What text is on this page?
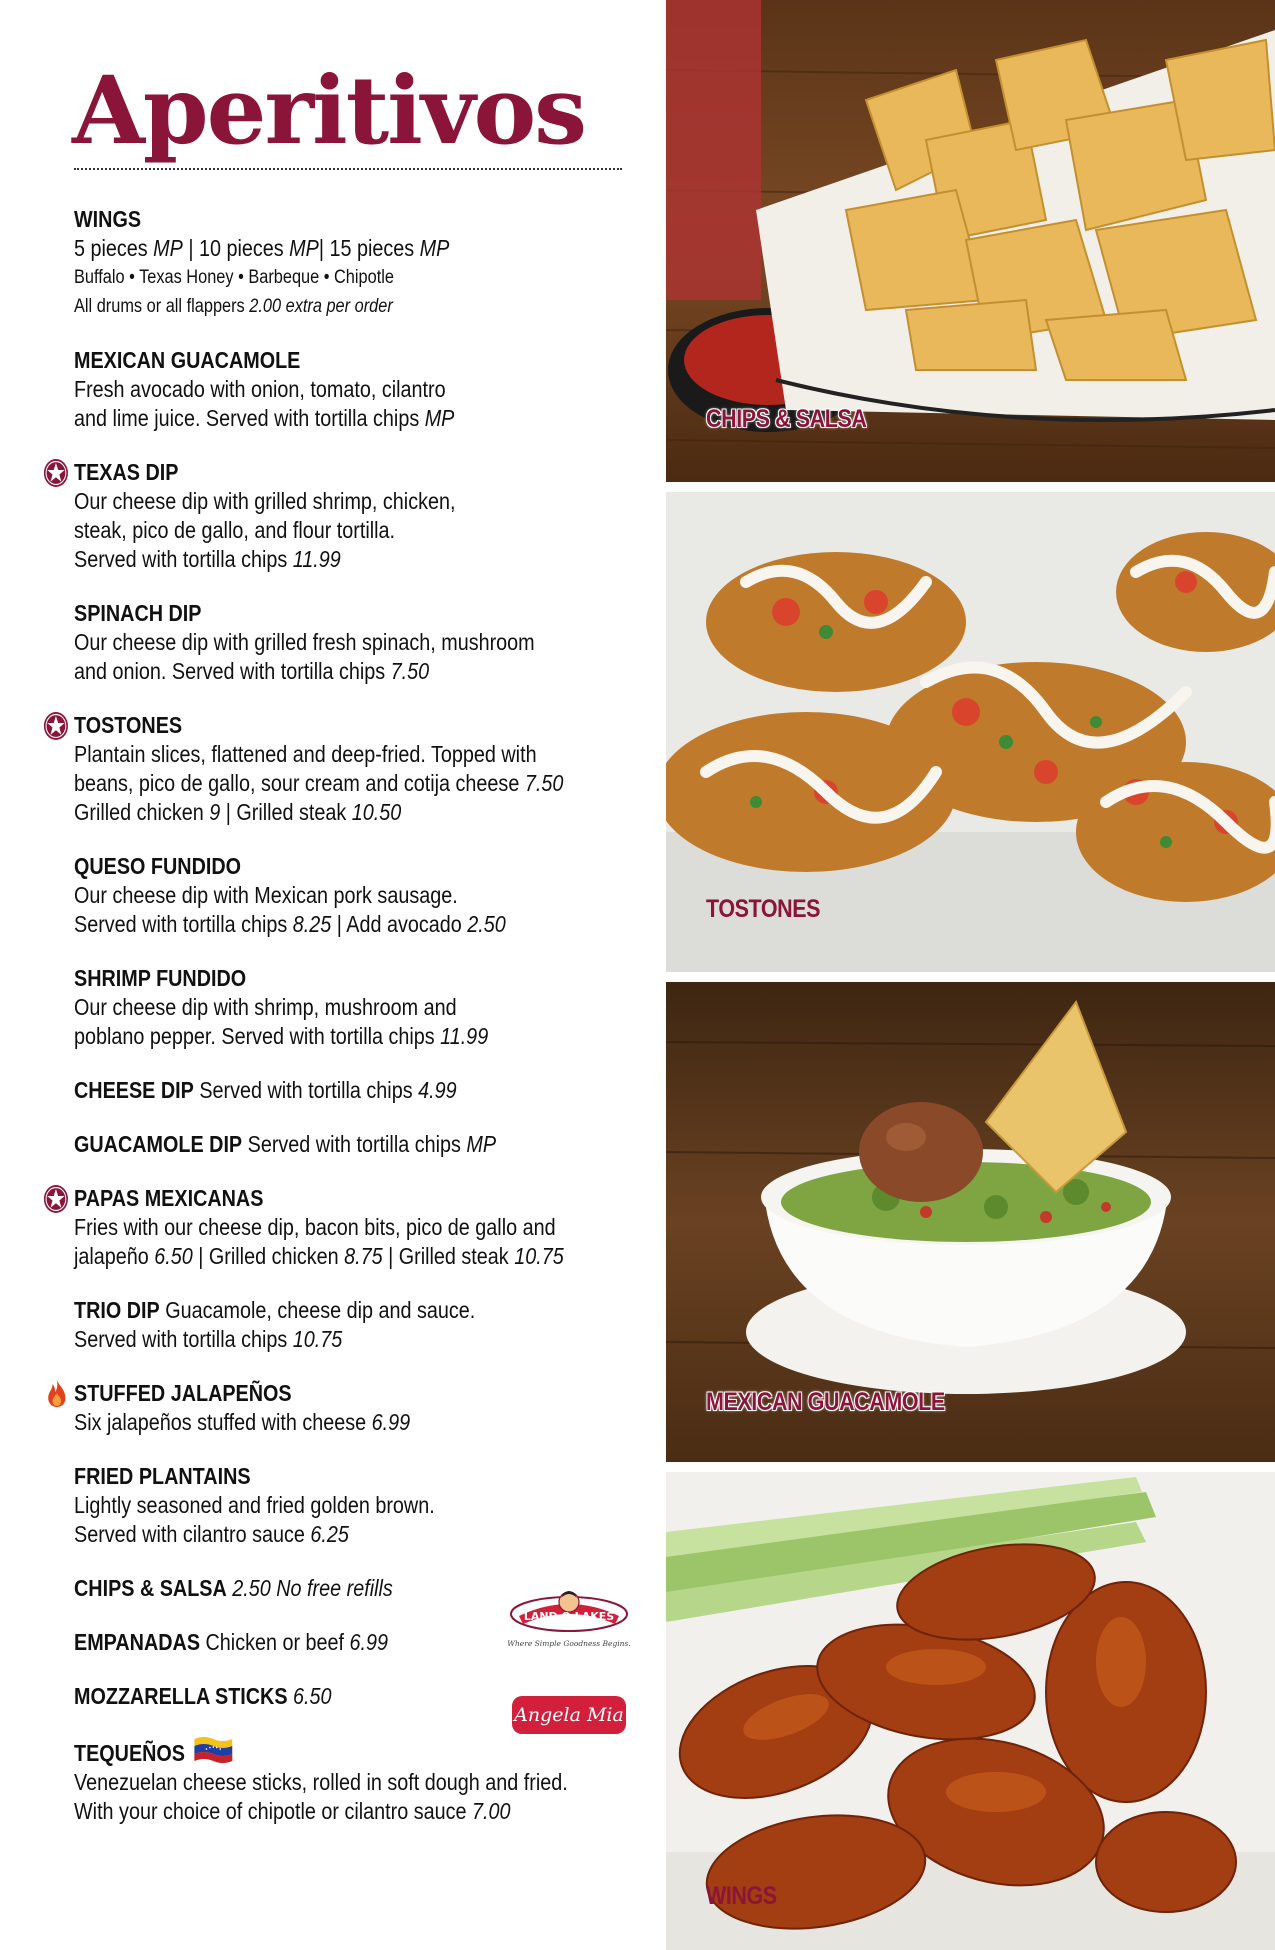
Aperitivos
WINGS
5 pieces MP | 10 pieces MP| 15 pieces MP
Buffalo • Texas Honey • Barbeque • Chipotle
All drums or all flappers 2.00 extra per order
MEXICAN GUACAMOLE
Fresh avocado with onion, tomato, cilantro
and lime juice. Served with tortilla chips MP
TEXAS DIP
Our cheese dip with grilled shrimp, chicken,
steak, pico de gallo, and flour tortilla.
Served with tortilla chips 11.99
SPINACH DIP
Our cheese dip with grilled fresh spinach, mushroom
and onion. Served with tortilla chips 7.50
TOSTONES
Plantain slices, flattened and deep-fried. Topped with
beans, pico de gallo, sour cream and cotija cheese 7.50
Grilled chicken 9 | Grilled steak 10.50
QUESO FUNDIDO
Our cheese dip with Mexican pork sausage.
Served with tortilla chips 8.25 | Add avocado 2.50
SHRIMP FUNDIDO
Our cheese dip with shrimp, mushroom and
poblano pepper. Served with tortilla chips 11.99
CHEESE DIP Served with tortilla chips 4.99
GUACAMOLE DIP Served with tortilla chips MP
PAPAS MEXICANAS
Fries with our cheese dip, bacon bits, pico de gallo and
jalapeño 6.50 | Grilled chicken 8.75 | Grilled steak 10.75
TRIO DIP Guacamole, cheese dip and sauce.
Served with tortilla chips 10.75
STUFFED JALAPEÑOS
Six jalapeños stuffed with cheese 6.99
FRIED PLANTAINS
Lightly seasoned and fried golden brown.
Served with cilantro sauce 6.25
CHIPS & SALSA 2.50 No free refills
EMPANADAS Chicken or beef 6.99
MOZZARELLA STICKS 6.50
TEQUEÑOS
Venezuelan cheese sticks, rolled in soft dough and fried.
With your choice of chipotle or cilantro sauce 7.00
LAND O LAKES
Where Simple Goodness Begins.
Angela Mia
CHIPS & SALSA
TOSTONES
MEXICAN GUACAMOLE
WINGS
